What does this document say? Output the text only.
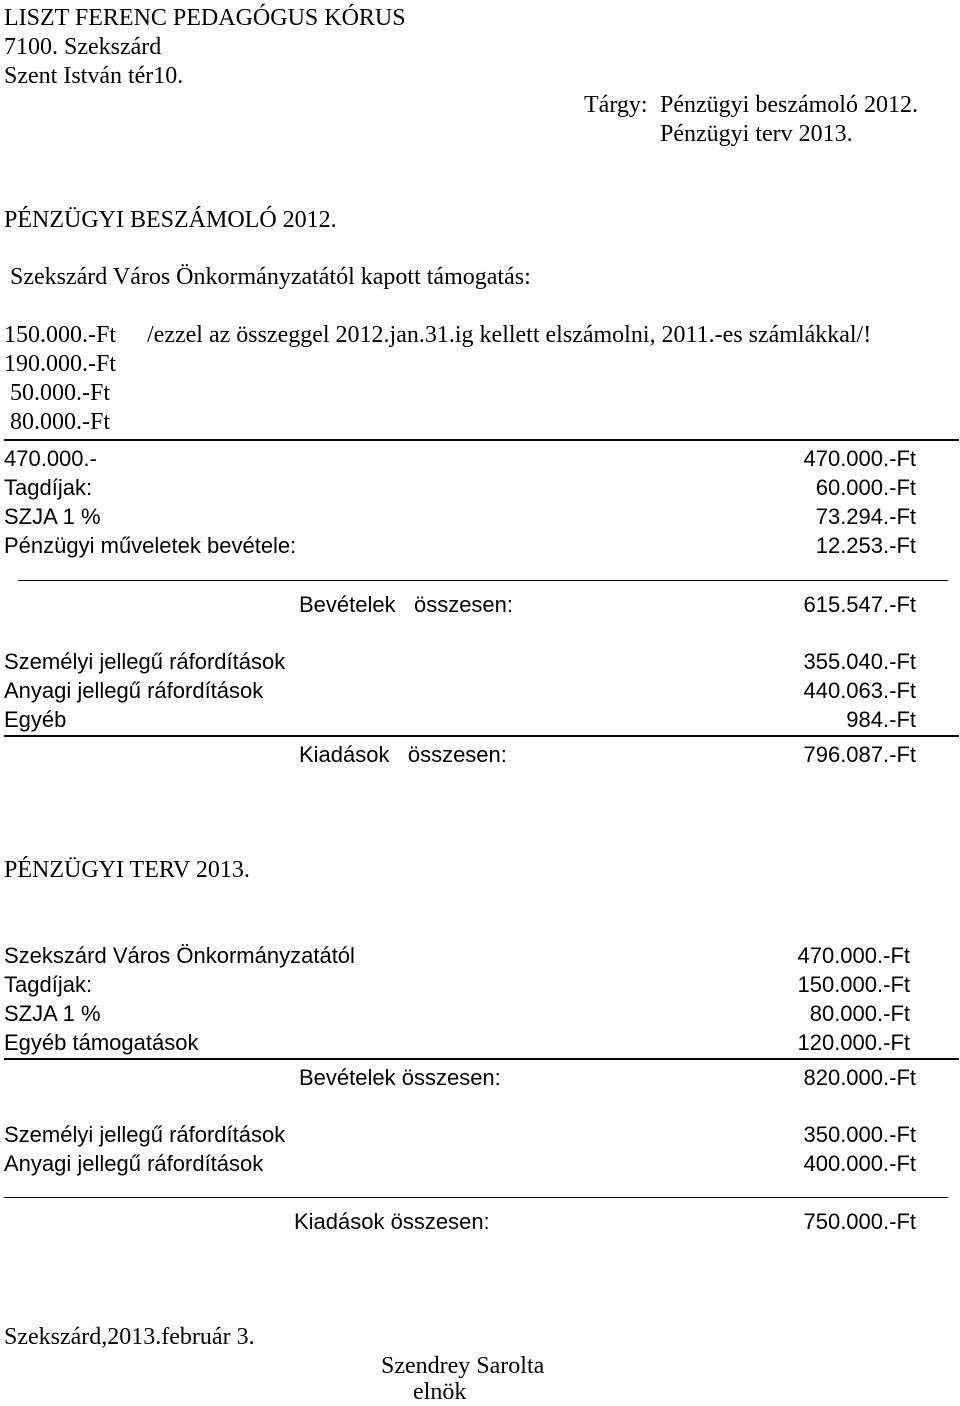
LISZT FERENC PEDAGÓGUS KÓRUS
7100. Szekszárd
Szent István tér10.
Tárgy: Pénzügyi beszámoló 2012.
Pénzügyi terv 2013.
PÉNZÜGYI BESZÁMOLÓ 2012.
Szekszárd Város Önkormányzatától kapott támogatás:
150.000.-Ft /ezzel az összeggel 2012.jan.31.ig kellett elszámolni, 2011.-es számlákkal/!
190.000.-Ft
50.000.-Ft
80.000.-Ft
470.000.-	470.000.-Ft
Tagdíjak:	60.000.-Ft
SZJA 1 %	73.294.-Ft
Pénzügyi műveletek bevétele:	12.253.-Ft
Bevételek   összesen:	615.547.-Ft
Személyi jellegű ráfordítások	355.040.-Ft
Anyagi jellegű ráfordítások	440.063.-Ft
Egyéb	984.-Ft
Kiadások   összesen:	796.087.-Ft
PÉNZÜGYI TERV 2013.
Szekszárd Város Önkormányzatától	470.000.-Ft
Tagdíjak:	150.000.-Ft
SZJA 1 %	80.000.-Ft
Egyéb támogatások	120.000.-Ft
Bevételek összesen:	820.000.-Ft
Személyi jellegű ráfordítások	350.000.-Ft
Anyagi jellegű ráfordítások	400.000.-Ft
Kiadások összesen:	750.000.-Ft
Szekszárd,2013.február 3.
Szendrey Sarolta
elnök
